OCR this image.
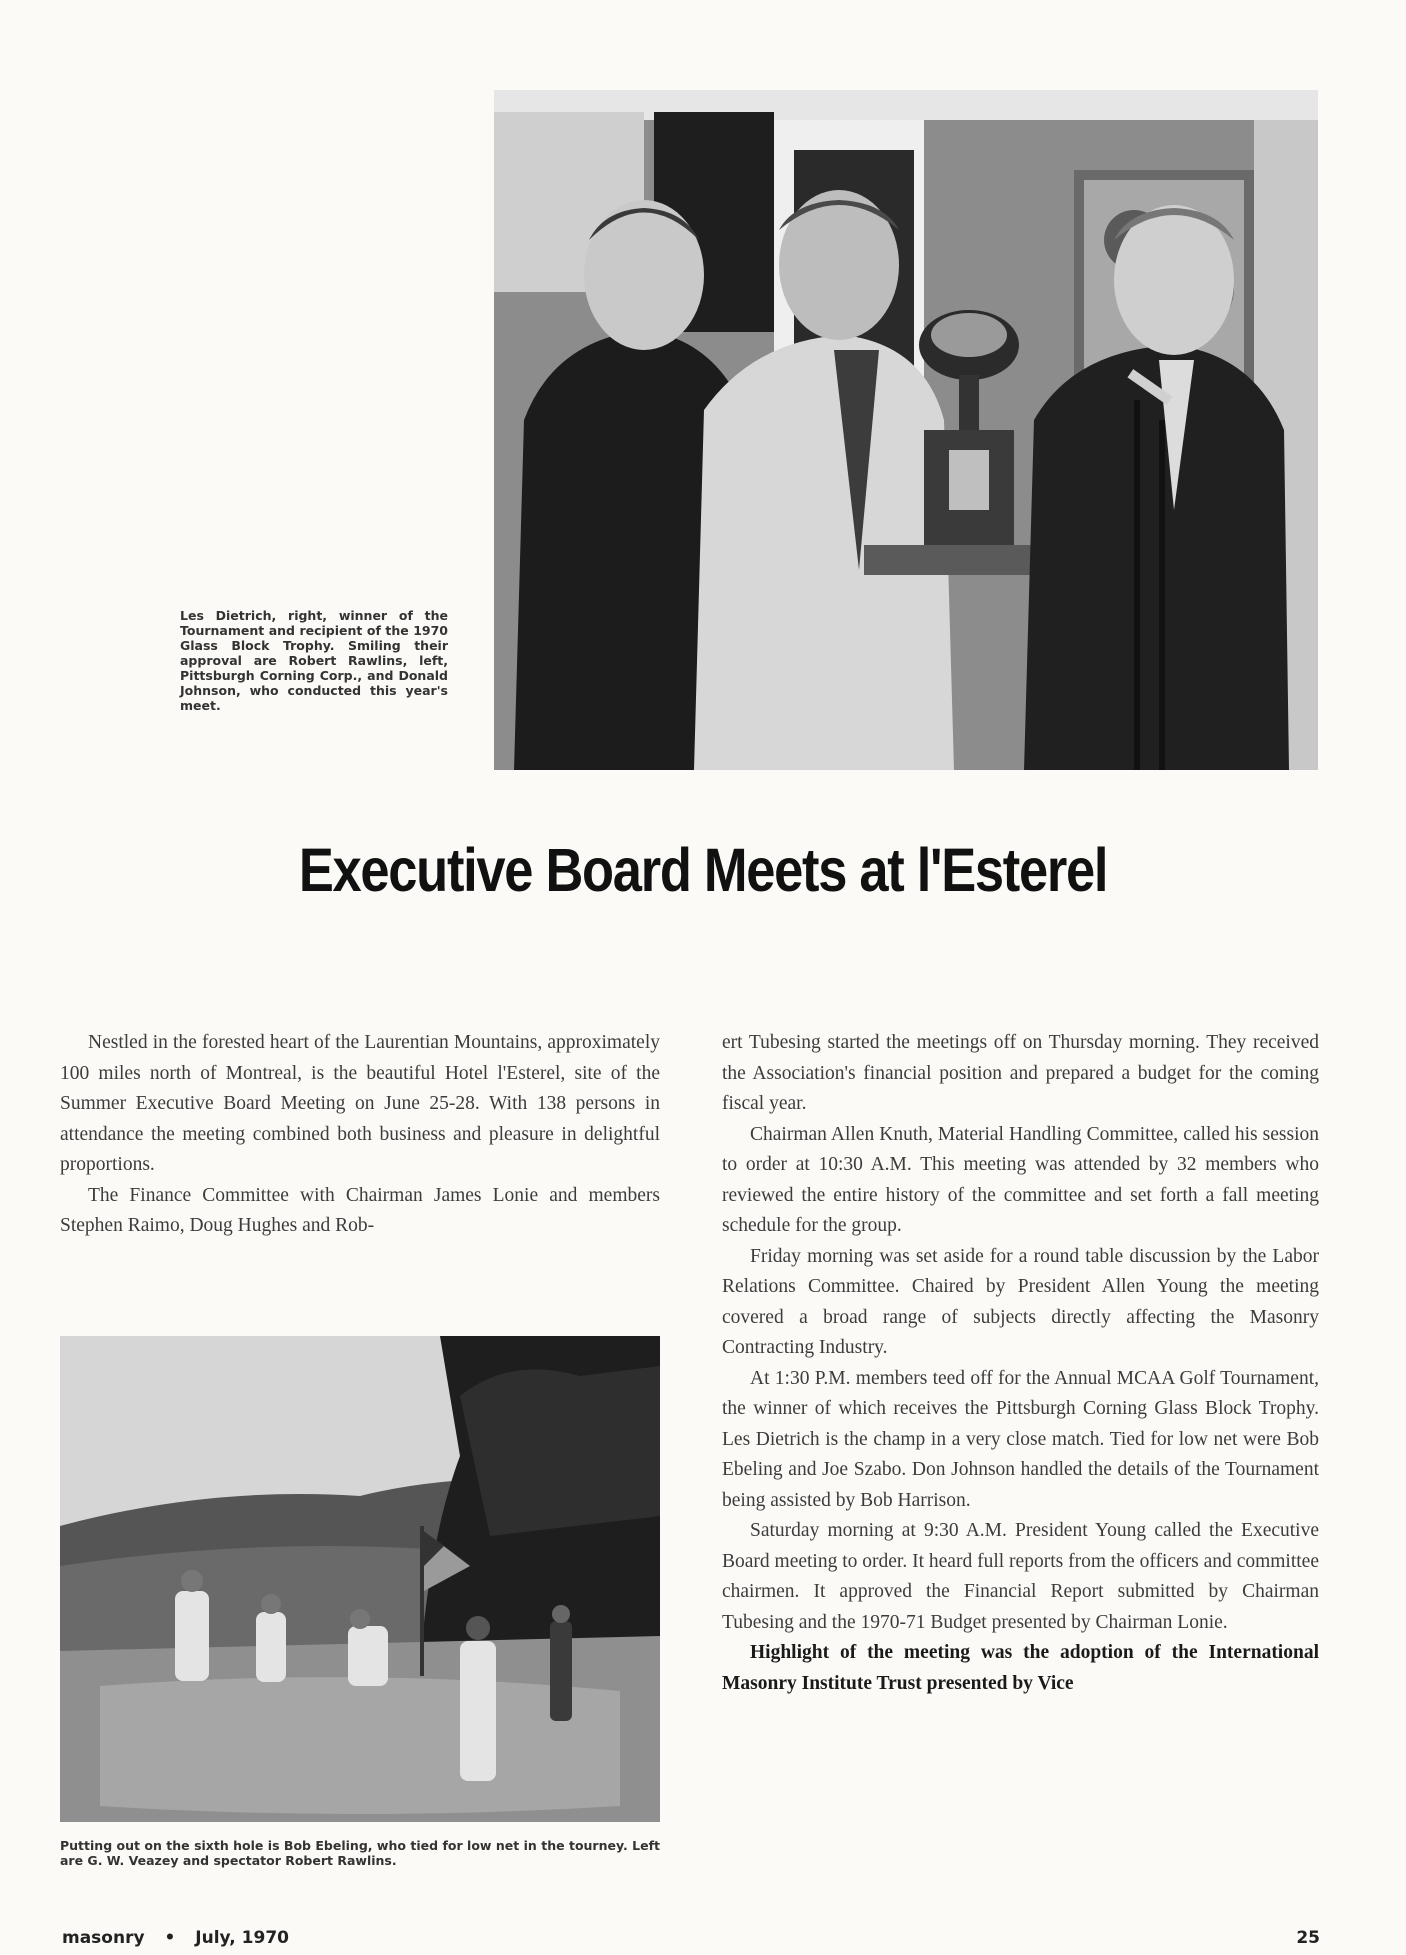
Les Dietrich, right, winner of the Tournament and recipient of the 1970 Glass Block Trophy. Smiling their approval are Robert Rawlins, left, Pittsburgh Corning Corp., and Donald Johnson, who conducted this year's meet.
Executive Board Meets at l'Esterel

Nestled in the forested heart of the Laurentian Mountains, approximately 100 miles north of Montreal, is the beautiful Hotel l'Esterel, site of the Summer Executive Board Meeting on June 25-28. With 138 persons in attendance the meeting combined both business and pleasure in delightful proportions.

The Finance Committee with Chairman James Lonie and members Stephen Raimo, Doug Hughes and Rob-

Putting out on the sixth hole is Bob Ebeling, who tied for low net in the tourney. Left are G. W. Veazey and spectator Robert Rawlins.

ert Tubesing started the meetings off on Thursday morning. They received the Association's financial position and prepared a budget for the coming fiscal year.

Chairman Allen Knuth, Material Handling Committee, called his session to order at 10:30 A.M. This meeting was attended by 32 members who reviewed the entire history of the committee and set forth a fall meeting schedule for the group.

Friday morning was set aside for a round table discussion by the Labor Relations Committee. Chaired by President Allen Young the meeting covered a broad range of subjects directly affecting the Masonry Contracting Industry.

At 1:30 P.M. members teed off for the Annual MCAA Golf Tournament, the winner of which receives the Pittsburgh Corning Glass Block Trophy. Les Dietrich is the champ in a very close match. Tied for low net were Bob Ebeling and Joe Szabo. Don Johnson handled the details of the Tournament being assisted by Bob Harrison.

Saturday morning at 9:30 A.M. President Young called the Executive Board meeting to order. It heard full reports from the officers and committee chairmen. It approved the Financial Report submitted by Chairman Tubesing and the 1970-71 Budget presented by Chairman Lonie.

Highlight of the meeting was the adoption of the International Masonry Institute Trust presented by Vice

masonry • July, 1970	25
